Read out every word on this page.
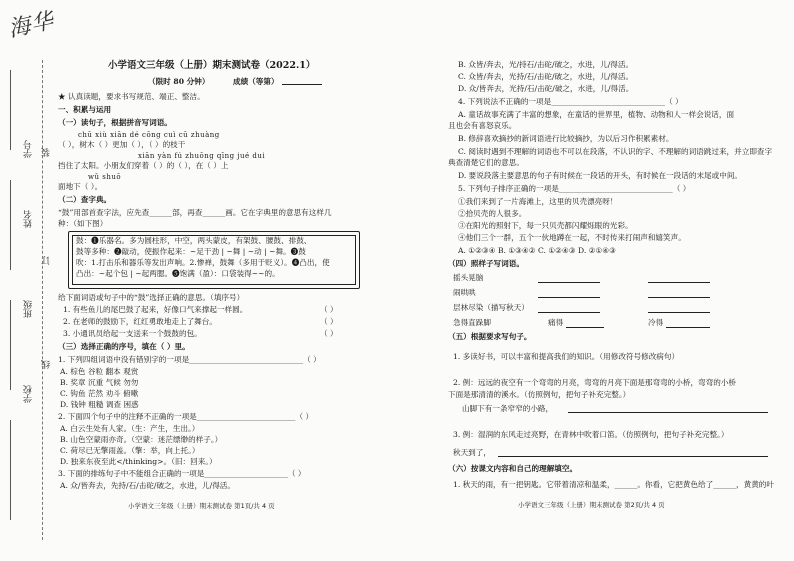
海华
学号
姓名
班级
学校
装
订
线
小学语文三年级（上册）期末测试卷（2022.1）
（限时 80 分钟）	成绩（等第）
★ 认真读题，要求书写规范、端正、整洁。
一、积累与运用
（一）读句子，根据拼音写词语。
chū xiù xiān dé cōng cuì cū zhuàng
（ ），树木（ ）更加（ ），（ ）的枝干
xiān yàn fú zhuōng qīng jué dui
挡住了太阳。小朋友们穿着（ ）的（ ），在（ ）上
wǔ shuō
面地下（ ）。
（二）查字典。
“鼓”用部首查字法，应先查______部，再查______画。它在字典里的意思有这样几
种：（如下图）
鼓：❶乐器名。多为圆柱形，中空，两头蒙皮，有架鼓、腰鼓、排鼓、
鼓等多种：❷敲动，使振作起来：~足干劲 | ~舞 | ~动 | ~舞。❸鼓
吹：1.打击乐和器乐等发出声响。2.惨禅，鼓舞（多用于贬义）。❹凸出，使
凸出：~起个包 | ~起两腮。❺饱满（盈）：口袋装得~~的。
给下面词语或句子中的“鼓”选择正确的意思。（填序号）
1. 有些鱼儿的尾巴鼓了起来，好像口气来撑起一样圆。	（ ）
2. 在老师的鼓励下，红红勇敢地走上了舞台。	（ ）
3. 小通讯员给起一支送来一个鼓鼓的包。	（ ）
（三）选择正确的序号，填在（ ）里。
1. 下列四组词语中没有错别字的一项是______________________________（ ）
A. 棕色 谷粒 翻本 观赏
B. 奖章 沉重 气候 勿勿
C. 钩鱼 茫然 劝斗 俯嗽
D. 钱钟 粗糙 调查 困惑
2. 下面四个句子中的注释不正确的一项是__________________________（ ）
A. 白云生处有人家。（生：产生，生出。）
B. 山色空蒙雨亦奇。（空蒙：迷茫缥缈的样子。）
C. 荷尽已无擎雨盖。（擎：举，向上托。）
D. 独来东夜至此</thinking>。（旧：回来。）
3. 下面的排练句子中不能组合正确的一项是______________________（ ）
A. 众/皆奔去，先持/石/击砣/破之，水进，儿/得活。
小学语文三年级（上册）期末测试卷 第1页/共 4 页
B. 众皆/奔去，光/持石/击砣/破之，水进，儿/得活。
C. 众皆/奔去，光持/石/击砣/破之，水进，儿/得活。
D. 众/皆奔去，光持/石/击砣/破之，水进，儿/得活。
4. 下列说法不正确的一项是______________________________（ ）
A. 童话故事充满了丰富的想象，在童话的世界里，植物、动物和人一样会说话，面
且也会有喜怒哀乐。
B. 修辞喜欢摘抄的新词语进行比较摘抄，为以后习作积累素材。
C. 阅读时遇到不理解的词语也不可以在段落，不认识的字、不理解的词语跳过来，并立即查字
典查清楚它们的意思。
D. 要说段落主要意思的句子有时候在一段话的开头，有时候在一段话的末尾或中间。
5. 下列句子排序正确的一项是______________________________（ ）
①我们来到了一片海滩上，这里的贝壳漂亮呀！
②拾贝壳的人很多。
③在阳光的照射下，每一只贝壳都闪耀烁眼的光彩。
④他们三个一群，五个一伙地蹲在一起，不时传来打闹声和嬉笑声。
A. ①②③④ B. ①③④② C. ①②④③ D. ②①④③
（四）照样子写词语。
摇头晃脑
闹哄哄
层林尽染（描写秋天）
急得直跺脚	痛得	冷得
（五）根据要求写句子。
1. 多读好书，可以丰富和提高我们的知识。（用修改符号修改病句）
2. 例：远远的夜空有一个弯弯的月亮，弯弯的月亮下面是那弯弯的小桥，弯弯的小桥
下面是那清清的溪水。（仿照例句，把句子补充完整。）
山脚下有一条窄窄的小路，
3. 例：湿润的东风走过亮野，在青林中吹着口笛。（仿照例句，把句子补充完整。）
秋天到了，
（六）按课文内容和自己的理解填空。
1. 秋天的雨，有一把钥匙。它带着清凉和温柔，______。你看，它把黄色给了______，黄黄的叶
小学语文三年级（上册）期末测试卷 第2页/共 4 页
